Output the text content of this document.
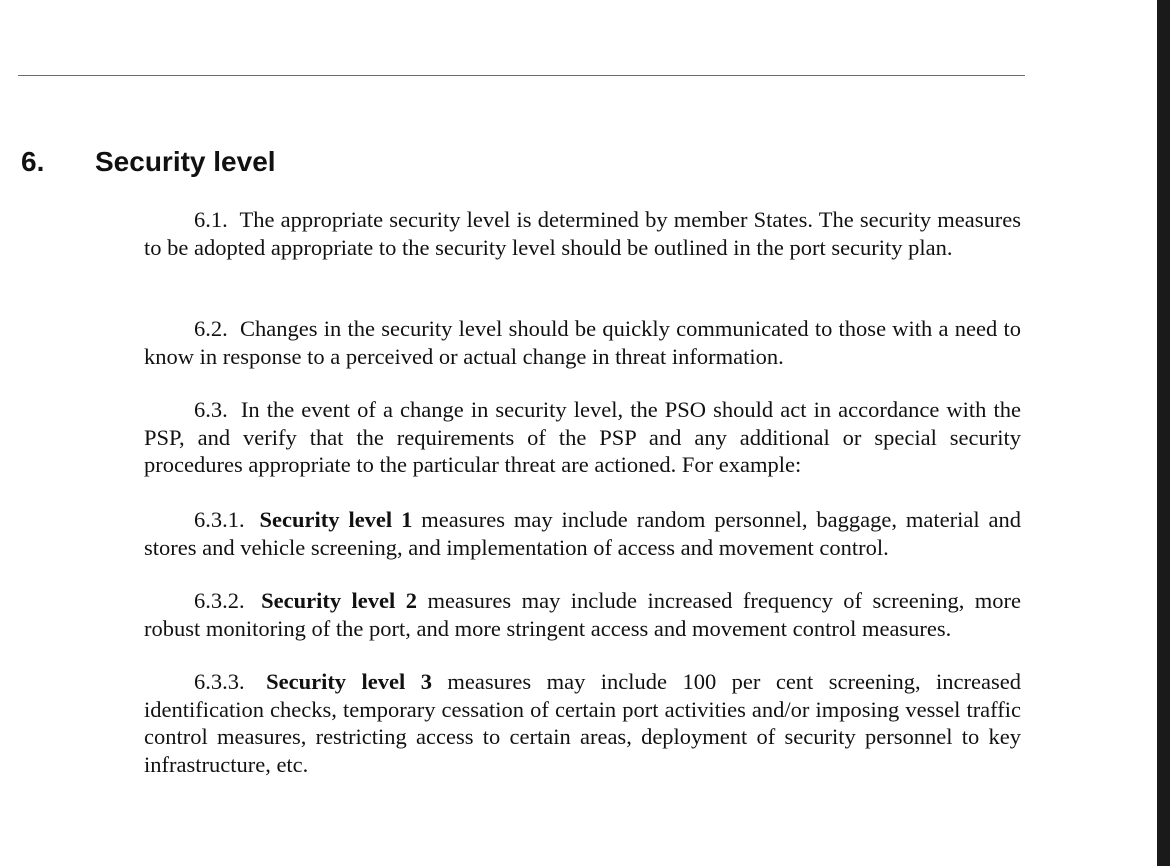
6. Security level

6.1. The appropriate security level is determined by member States. The security measures to be adopted appropriate to the security level should be outlined in the port security plan.

6.2. Changes in the security level should be quickly communicated to those with a need to know in response to a perceived or actual change in threat information.

6.3. In the event of a change in security level, the PSO should act in accordance with the PSP, and verify that the requirements of the PSP and any additional or special security procedures appropriate to the particular threat are actioned. For example:

6.3.1. Security level 1 measures may include random personnel, baggage, material and stores and vehicle screening, and implementation of access and movement control.

6.3.2. Security level 2 measures may include increased frequency of screening, more robust monitoring of the port, and more stringent access and movement control measures.

6.3.3. Security level 3 measures may include 100 per cent screening, increased identification checks, temporary cessation of certain port activities and/or imposing vessel traffic control measures, restricting access to certain areas, deployment of security personnel to key infrastructure, etc.
